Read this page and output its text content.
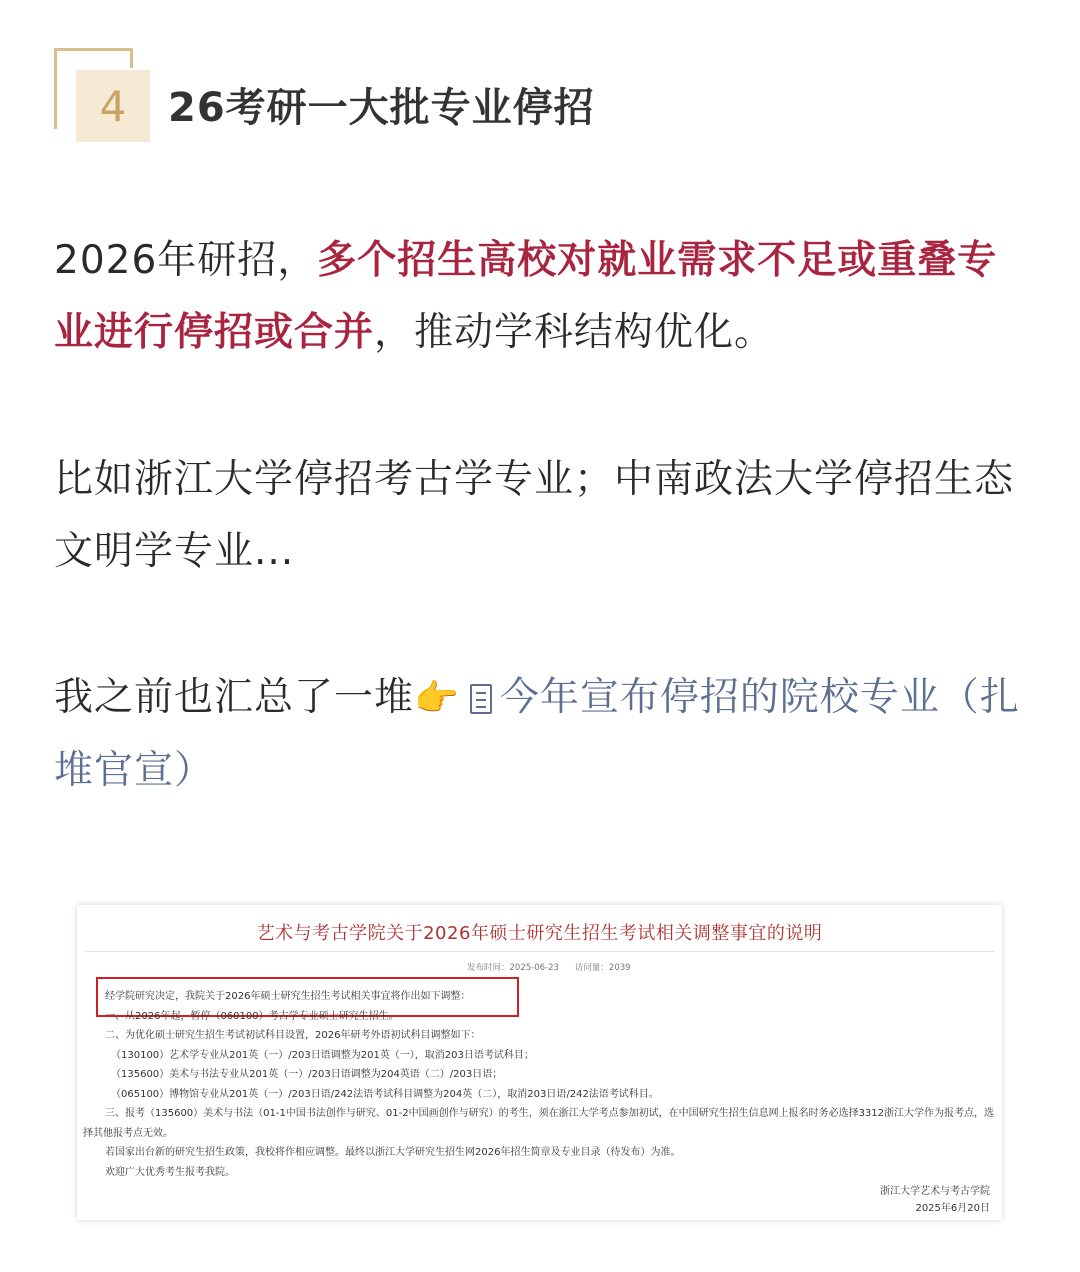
4	26考研一大批专业停招
2026年研招，多个招生高校对就业需求不足或重叠专业进行停招或合并，推动学科结构优化。
比如浙江大学停招考古学专业；中南政法大学停招生态文明学专业...
我之前也汇总了一堆👉 今年宣布停招的院校专业（扎堆官宣）
艺术与考古学院关于2026年硕士研究生招生考试相关调整事宜的说明
发布时间：2025-06-23 访问量：2039
经学院研究决定，我院关于2026年硕士研究生招生考试相关事宜将作出如下调整：
一、从2026年起，暂停（060100）考古学专业硕士研究生招生。
二、为优化硕士研究生招生考试初试科目设置，2026年研考外语初试科目调整如下：
（130100）艺术学专业从201英（一）/203日语调整为201英（一），取消203日语考试科目；
（135600）美术与书法专业从201英（一）/203日语调整为204英语（二）/203日语；
（065100）博物馆专业从201英（一）/203日语/242法语考试科目调整为204英（二），取消203日语/242法语考试科目。
三、报考（135600）美术与书法（01-1中国书法创作与研究、01-2中国画创作与研究）的考生，须在浙江大学考点参加初试，在中国研究生招生信息网上报名时务必选择3312浙江大学作为报考点，选择其他报考点无效。
若国家出台新的研究生招生政策，我校将作相应调整。最终以浙江大学研究生招生网2026年招生简章及专业目录（待发布）为准。
欢迎广大优秀考生报考我院。
浙江大学艺术与考古学院
2025年6月20日
